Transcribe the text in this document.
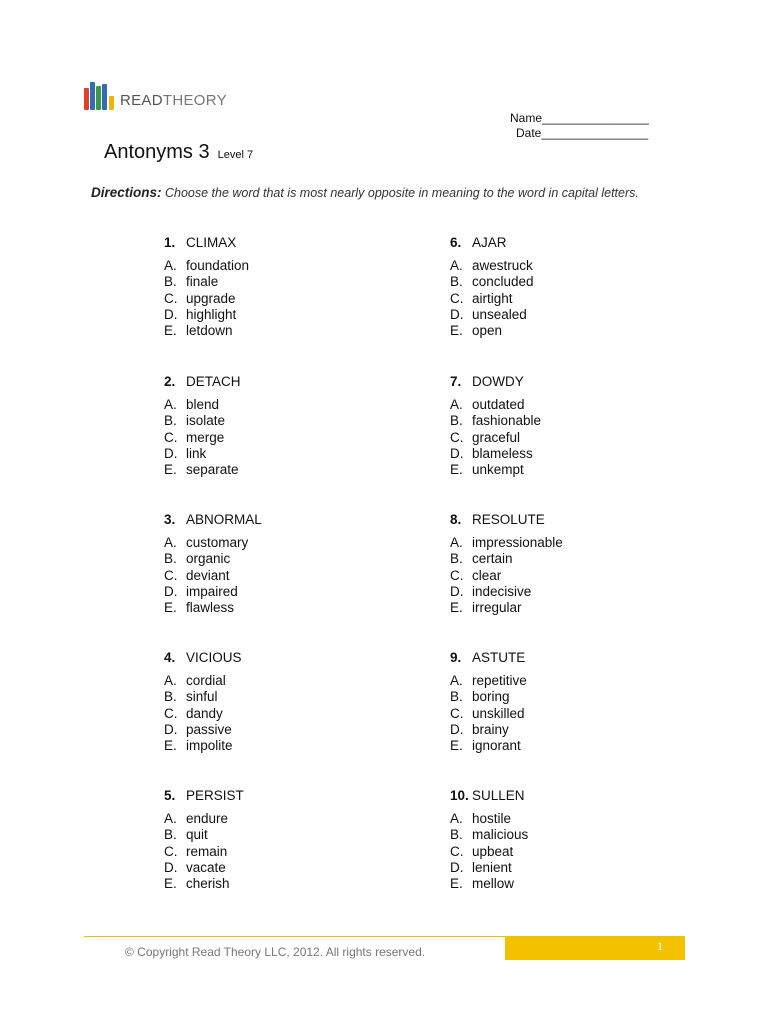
READTHEORY
Name________________
Date________________
Antonyms 3 Level 7
Directions: Choose the word that is most nearly opposite in meaning to the word in capital letters.
1. CLIMAX
A. foundation
B. finale
C. upgrade
D. highlight
E. letdown
2. DETACH
A. blend
B. isolate
C. merge
D. link
E. separate
3. ABNORMAL
A. customary
B. organic
C. deviant
D. impaired
E. flawless
4. VICIOUS
A. cordial
B. sinful
C. dandy
D. passive
E. impolite
5. PERSIST
A. endure
B. quit
C. remain
D. vacate
E. cherish
6. AJAR
A. awestruck
B. concluded
C. airtight
D. unsealed
E. open
7. DOWDY
A. outdated
B. fashionable
C. graceful
D. blameless
E. unkempt
8. RESOLUTE
A. impressionable
B. certain
C. clear
D. indecisive
E. irregular
9. ASTUTE
A. repetitive
B. boring
C. unskilled
D. brainy
E. ignorant
10. SULLEN
A. hostile
B. malicious
C. upbeat
D. lenient
E. mellow
© Copyright Read Theory LLC, 2012. All rights reserved.	1
